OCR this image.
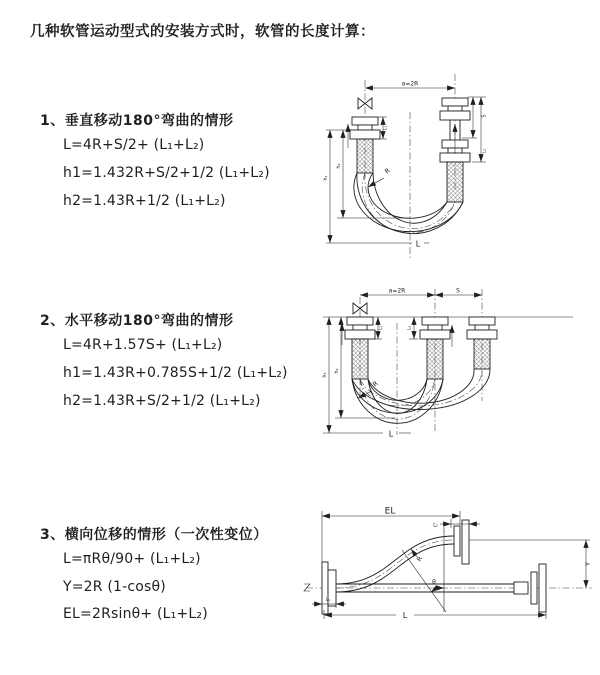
几种软管运动型式的安装方式时，软管的长度计算：
1、垂直移动180°弯曲的情形
L=4R+S/2+ (L₁+L₂)
h1=1.432R+S/2+1/2 (L₁+L₂)
h2=1.43R+1/2 (L₁+L₂)
2、水平移动180°弯曲的情形
L=4R+1.57S+ (L₁+L₂)
h1=1.43R+0.785S+1/2 (L₁+L₂)
h2=1.43R+S/2+1/2 (L₁+L₂)
3、横向位移的情形（一次性变位）
L=πRθ/90+ (L₁+L₂)
Y=2R (1-cosθ)
EL=2Rsinθ+ (L₁+L₂)
a=2R
L₁
S
L₂
h₁
h₂
R
L
a=2R	S
L₁	L₂
h₁
h₂
R
L
θ
R
EL
L₂
Y
L
L₁
